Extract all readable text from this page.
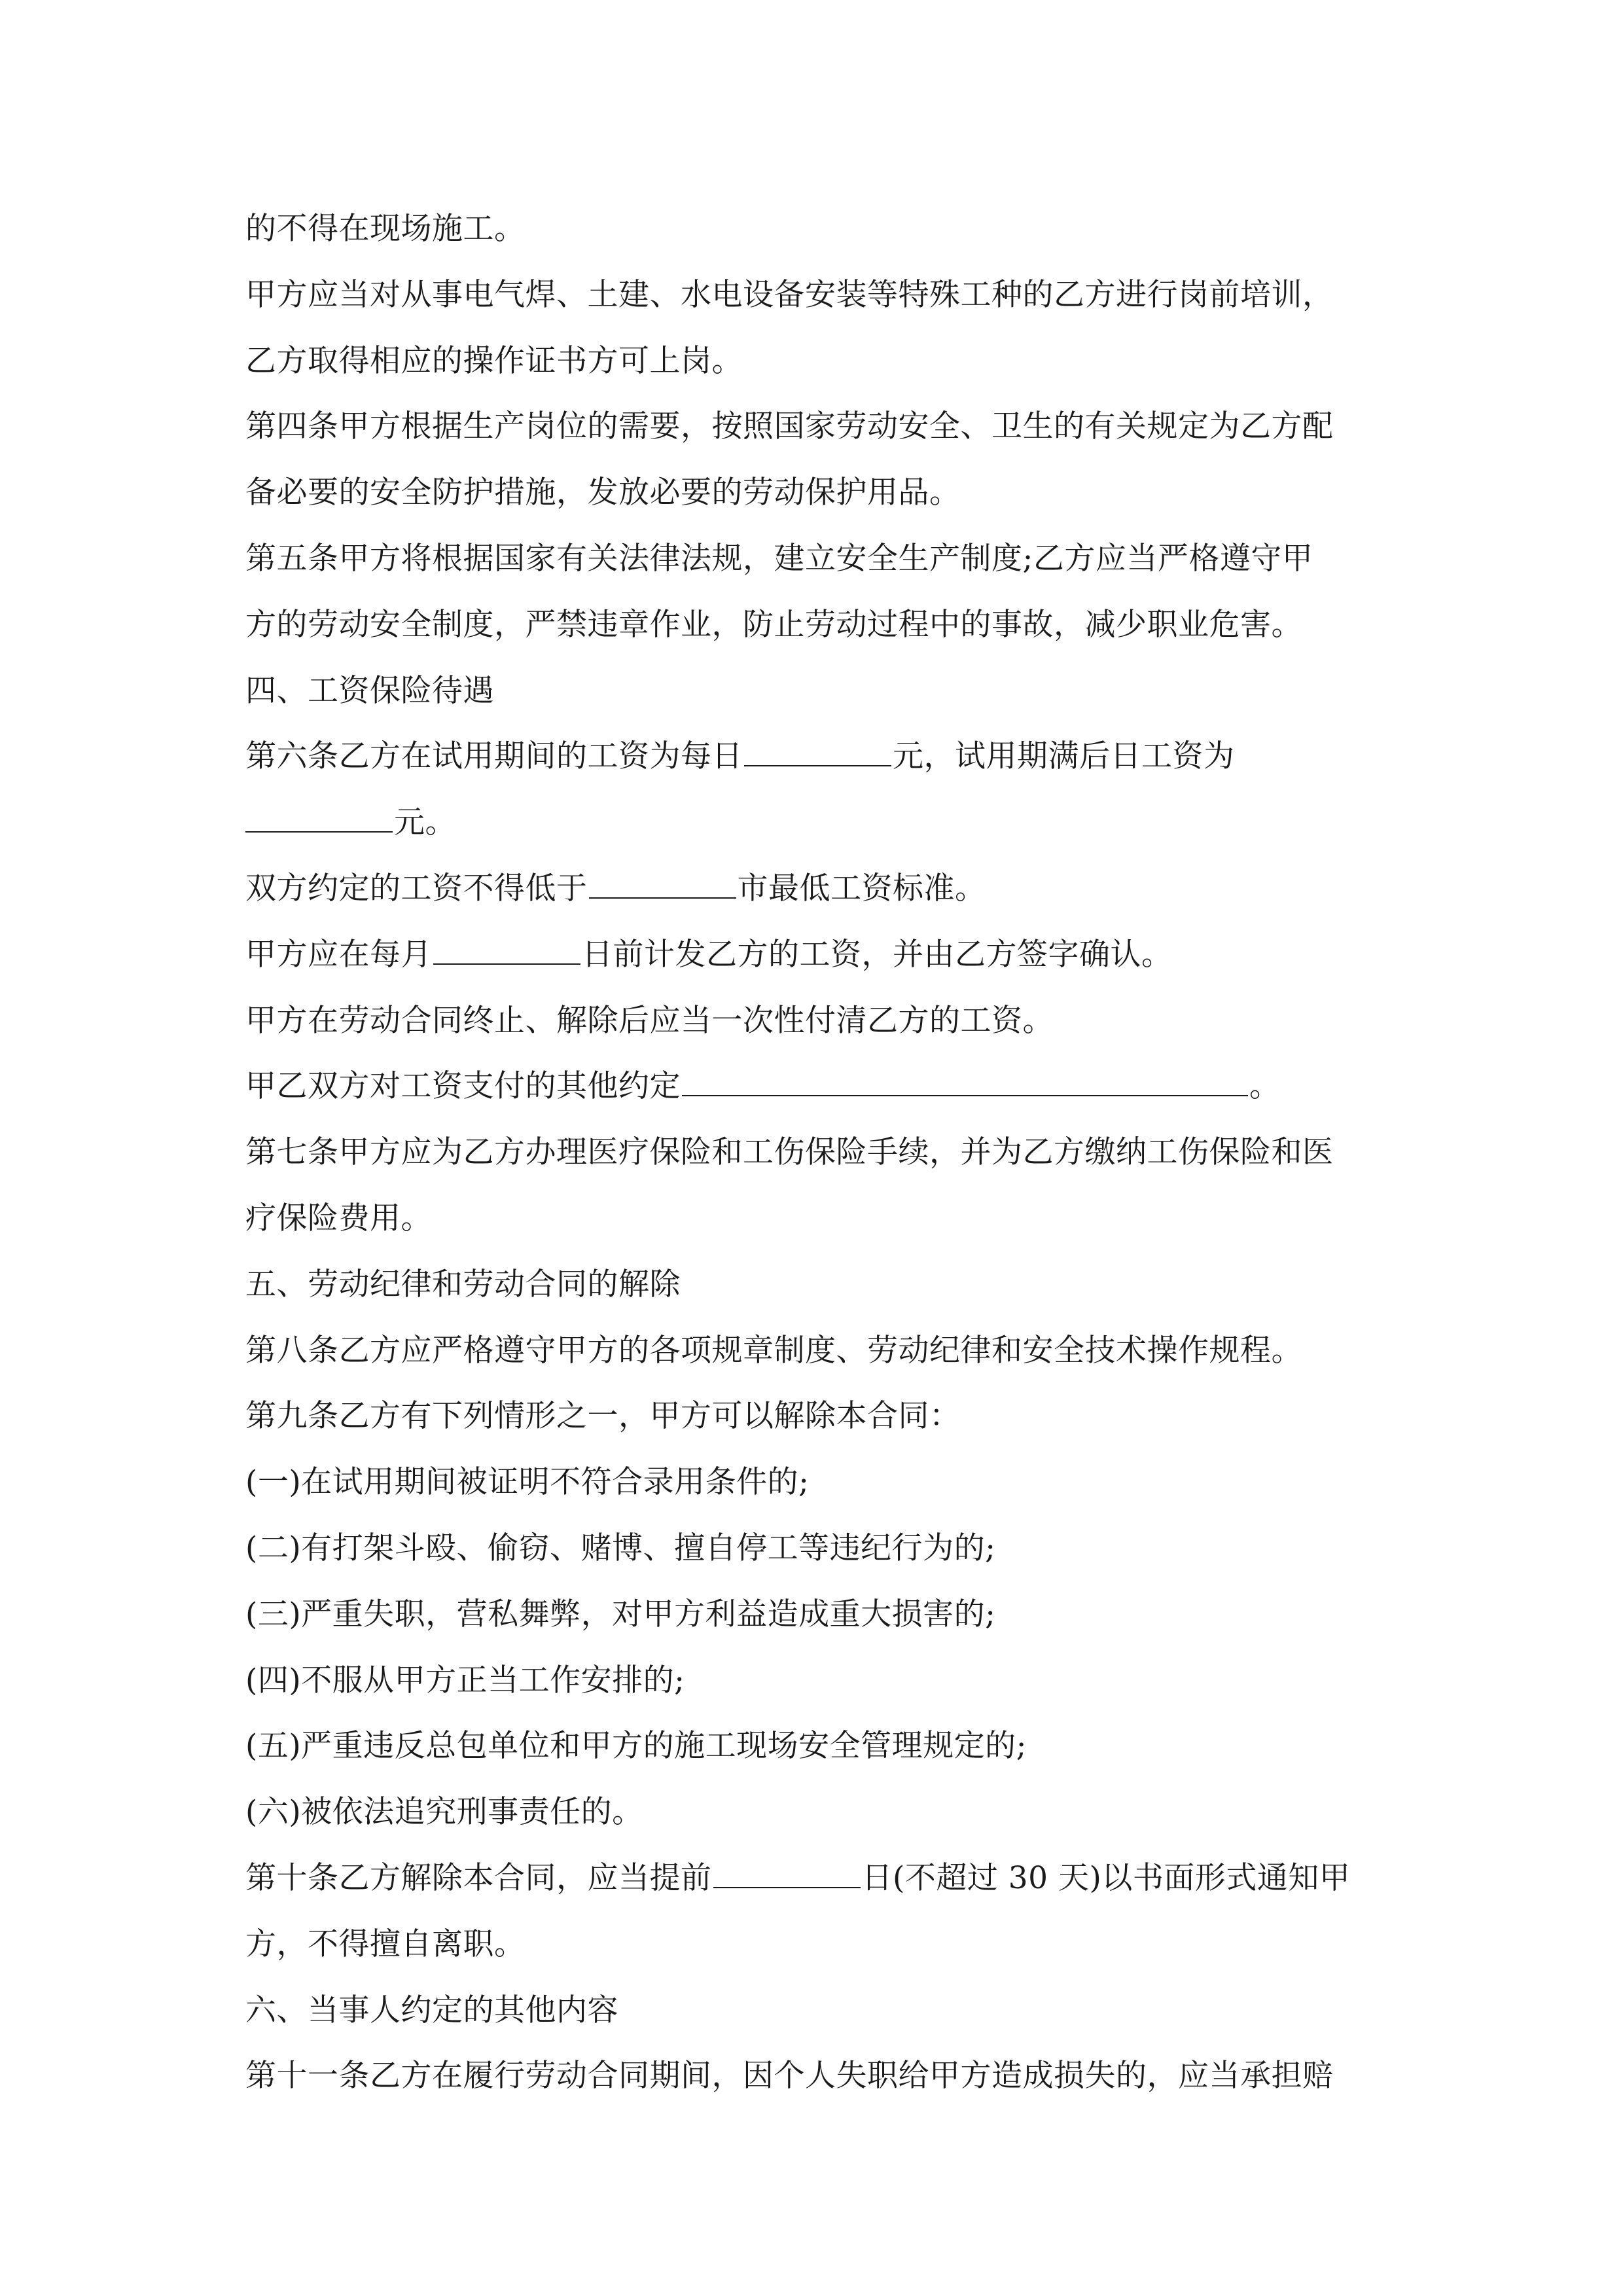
的不得在现场施工。
甲方应当对从事电气焊、土建、水电设备安装等特殊工种的乙方进行岗前培训，
乙方取得相应的操作证书方可上岗。
第四条甲方根据生产岗位的需要，按照国家劳动安全、卫生的有关规定为乙方配
备必要的安全防护措施，发放必要的劳动保护用品。
第五条甲方将根据国家有关法律法规，建立安全生产制度;乙方应当严格遵守甲
方的劳动安全制度，严禁违章作业，防止劳动过程中的事故，减少职业危害。
四、工资保险待遇
第六条乙方在试用期间的工资为每日	元，试用期满后日工资为
元。
双方约定的工资不得低于	市最低工资标准。
甲方应在每月	日前计发乙方的工资，并由乙方签字确认。
甲方在劳动合同终止、解除后应当一次性付清乙方的工资。
甲乙双方对工资支付的其他约定	。
第七条甲方应为乙方办理医疗保险和工伤保险手续，并为乙方缴纳工伤保险和医
疗保险费用。
五、劳动纪律和劳动合同的解除
第八条乙方应严格遵守甲方的各项规章制度、劳动纪律和安全技术操作规程。
第九条乙方有下列情形之一，甲方可以解除本合同：
(一)在试用期间被证明不符合录用条件的;
(二)有打架斗殴、偷窃、赌博、擅自停工等违纪行为的;
(三)严重失职，营私舞弊，对甲方利益造成重大损害的;
(四)不服从甲方正当工作安排的;
(五)严重违反总包单位和甲方的施工现场安全管理规定的;
(六)被依法追究刑事责任的。
第十条乙方解除本合同，应当提前	日(不超过 30 天)以书面形式通知甲
方，不得擅自离职。
六、当事人约定的其他内容
第十一条乙方在履行劳动合同期间，因个人失职给甲方造成损失的，应当承担赔
